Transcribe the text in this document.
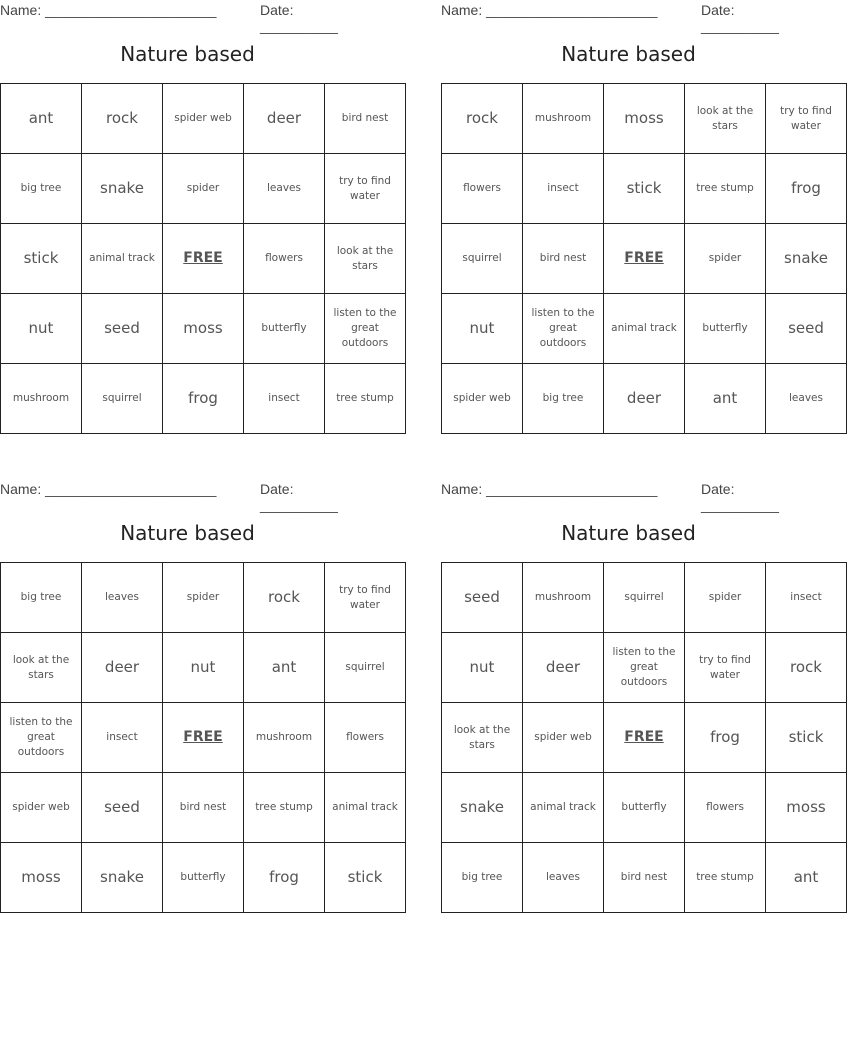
Name: ______________________	Date: __________
Nature based
ant	rock	spider web	deer	bird nest
big tree	snake	spider	leaves	try to find water
stick	animal track	FREE	flowers	look at the stars
nut	seed	moss	butterfly	listen to the great outdoors
mushroom	squirrel	frog	insect	tree stump
Name: ______________________	Date: __________
Nature based
rock	mushroom	moss	look at the stars	try to find water
flowers	insect	stick	tree stump	frog
squirrel	bird nest	FREE	spider	snake
nut	listen to the great outdoors	animal track	butterfly	seed
spider web	big tree	deer	ant	leaves
Name: ______________________	Date: __________
Nature based
big tree	leaves	spider	rock	try to find water
look at the stars	deer	nut	ant	squirrel
listen to the great outdoors	insect	FREE	mushroom	flowers
spider web	seed	bird nest	tree stump	animal track
moss	snake	butterfly	frog	stick
Name: ______________________	Date: __________
Nature based
seed	mushroom	squirrel	spider	insect
nut	deer	listen to the great outdoors	try to find water	rock
look at the stars	spider web	FREE	frog	stick
snake	animal track	butterfly	flowers	moss
big tree	leaves	bird nest	tree stump	ant
